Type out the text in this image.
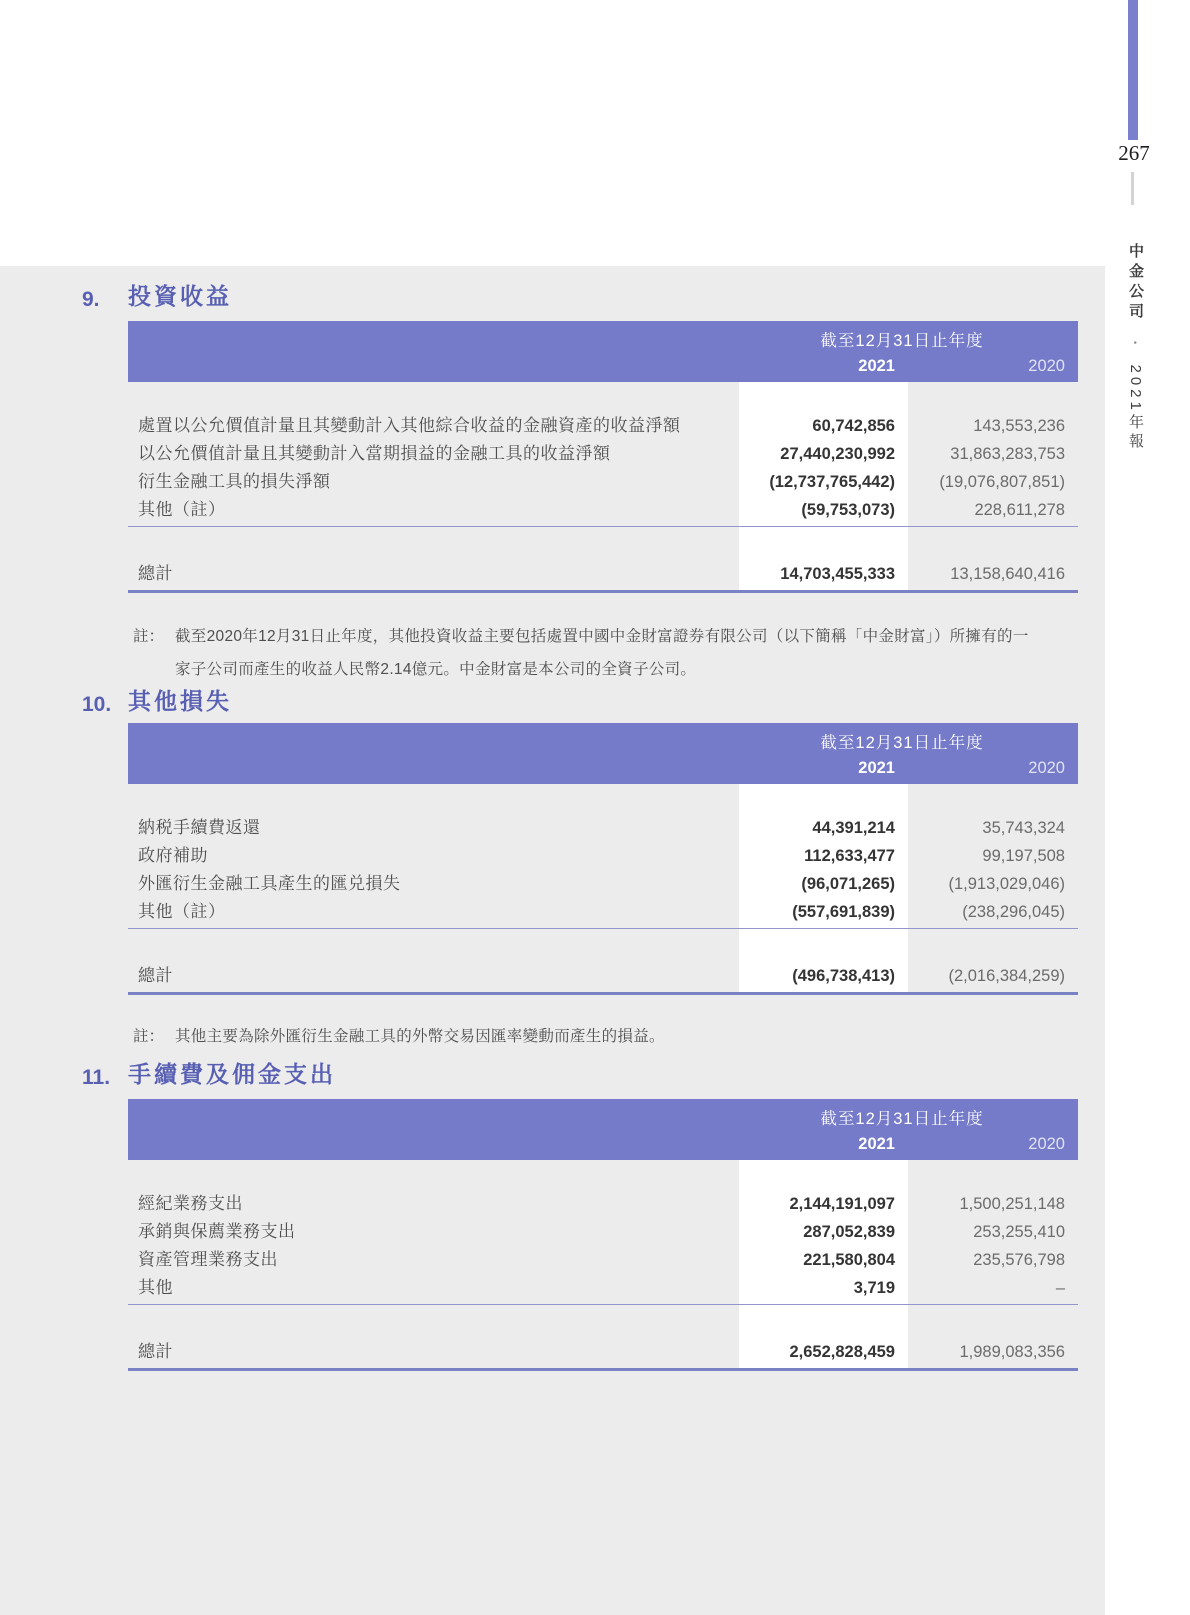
267
中金公司 • 2021年報
9. 投資收益
截至12月31日止年度
2021	2020
處置以公允價值計量且其變動計入其他綜合收益的金融資產的收益淨額	60,742,856	143,553,236
以公允價值計量且其變動計入當期損益的金融工具的收益淨額	27,440,230,992	31,863,283,753
衍生金融工具的損失淨額	(12,737,765,442)	(19,076,807,851)
其他（註）	(59,753,073)	228,611,278
總計	14,703,455,333	13,158,640,416
註： 截至2020年12月31日止年度，其他投資收益主要包括處置中國中金財富證券有限公司（以下簡稱「中金財富」）所擁有的一
家子公司而產生的收益人民幣2.14億元。中金財富是本公司的全資子公司。
10. 其他損失
截至12月31日止年度
2021	2020
納税手續費返還	44,391,214	35,743,324
政府補助	112,633,477	99,197,508
外匯衍生金融工具產生的匯兑損失	(96,071,265)	(1,913,029,046)
其他（註）	(557,691,839)	(238,296,045)
總計	(496,738,413)	(2,016,384,259)
註： 其他主要為除外匯衍生金融工具的外幣交易因匯率變動而產生的損益。
11. 手續費及佣金支出
截至12月31日止年度
2021	2020
經紀業務支出	2,144,191,097	1,500,251,148
承銷與保薦業務支出	287,052,839	253,255,410
資產管理業務支出	221,580,804	235,576,798
其他	3,719	–
總計	2,652,828,459	1,989,083,356
